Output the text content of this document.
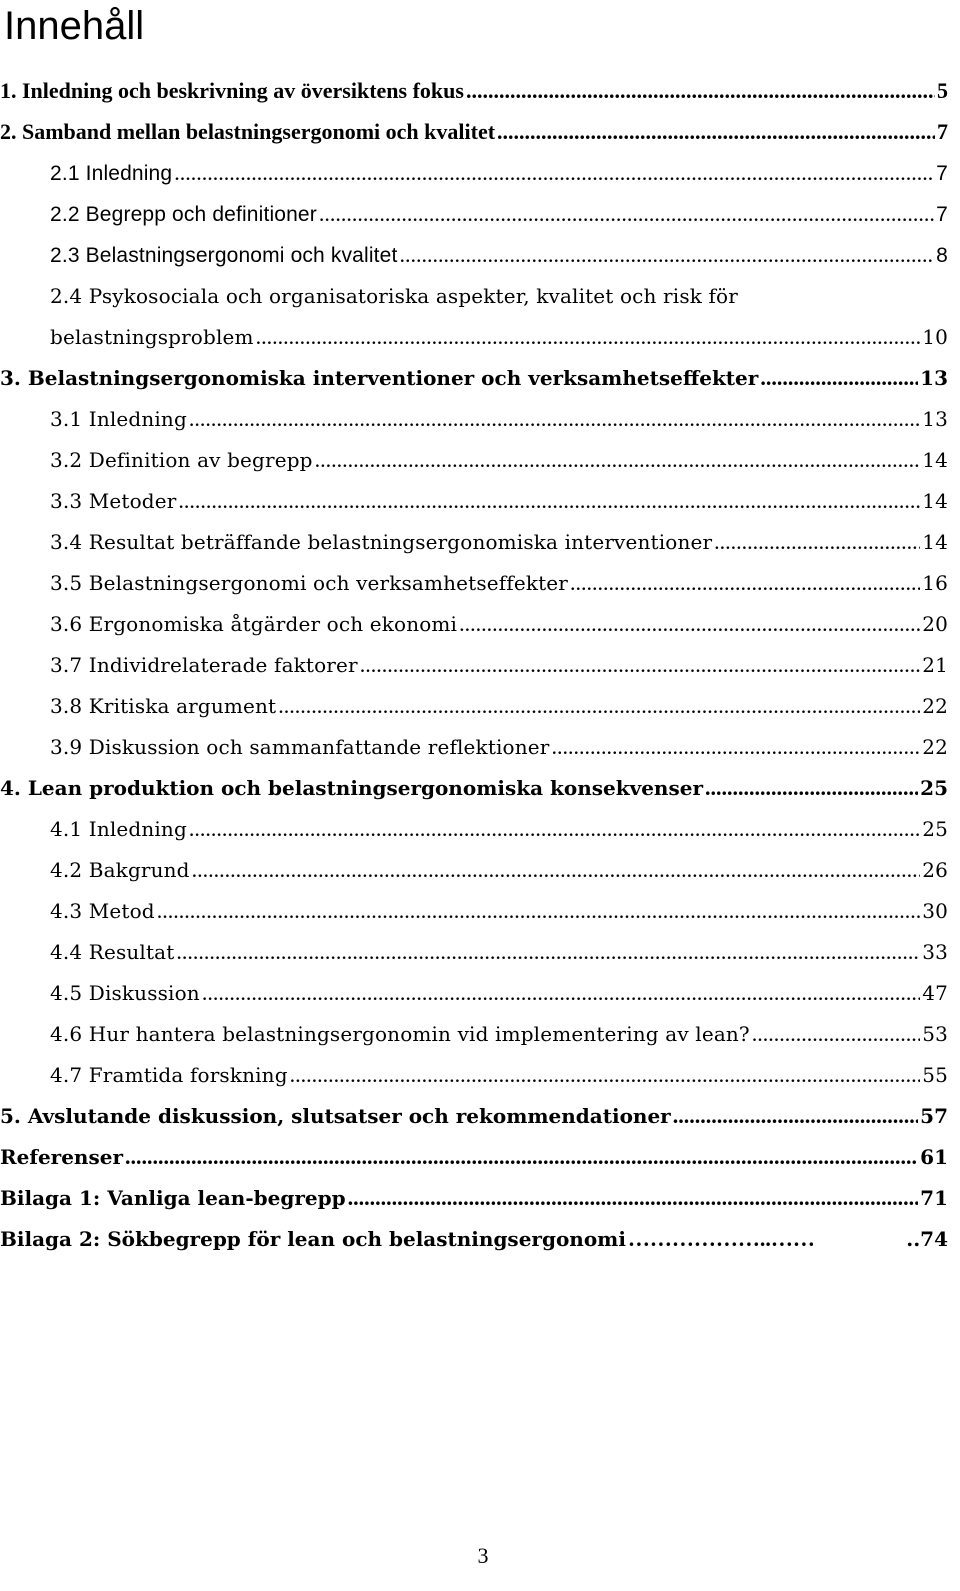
Innehåll
1. Inledning och beskrivning av översiktens fokus .....	5
2. Samband mellan belastningsergonomi och kvalitet .....	7
2.1 Inledning .....	7
2.2 Begrepp och definitioner .....	7
2.3 Belastningsergonomi och kvalitet .....	8
2.4 Psykosociala och organisatoriska aspekter, kvalitet och risk för
belastningsproblem .....	10
3. Belastningsergonomiska interventioner och verksamhetseffekter .....	13
3.1 Inledning .....	13
3.2 Definition av begrepp .....	14
3.3 Metoder .....	14
3.4 Resultat beträffande belastningsergonomiska interventioner .....	14
3.5 Belastningsergonomi och verksamhetseffekter .....	16
3.6 Ergonomiska åtgärder och ekonomi .....	20
3.7 Individrelaterade faktorer .....	21
3.8 Kritiska argument .....	22
3.9 Diskussion och sammanfattande reflektioner .....	22
4. Lean produktion och belastningsergonomiska konsekvenser .....	25
4.1 Inledning .....	25
4.2 Bakgrund .....	26
4.3 Metod .....	30
4.4 Resultat .....	33
4.5 Diskussion .....	47
4.6 Hur hantera belastningsergonomin vid implementering av lean? .....	53
4.7 Framtida forskning .....	55
5. Avslutande diskussion, slutsatser och rekommendationer .....	57
Referenser .....	61
Bilaga 1: Vanliga lean-begrepp .....	71
Bilaga 2: Sökbegrepp för lean och belastningsergonomi ………………..……	..74
3
